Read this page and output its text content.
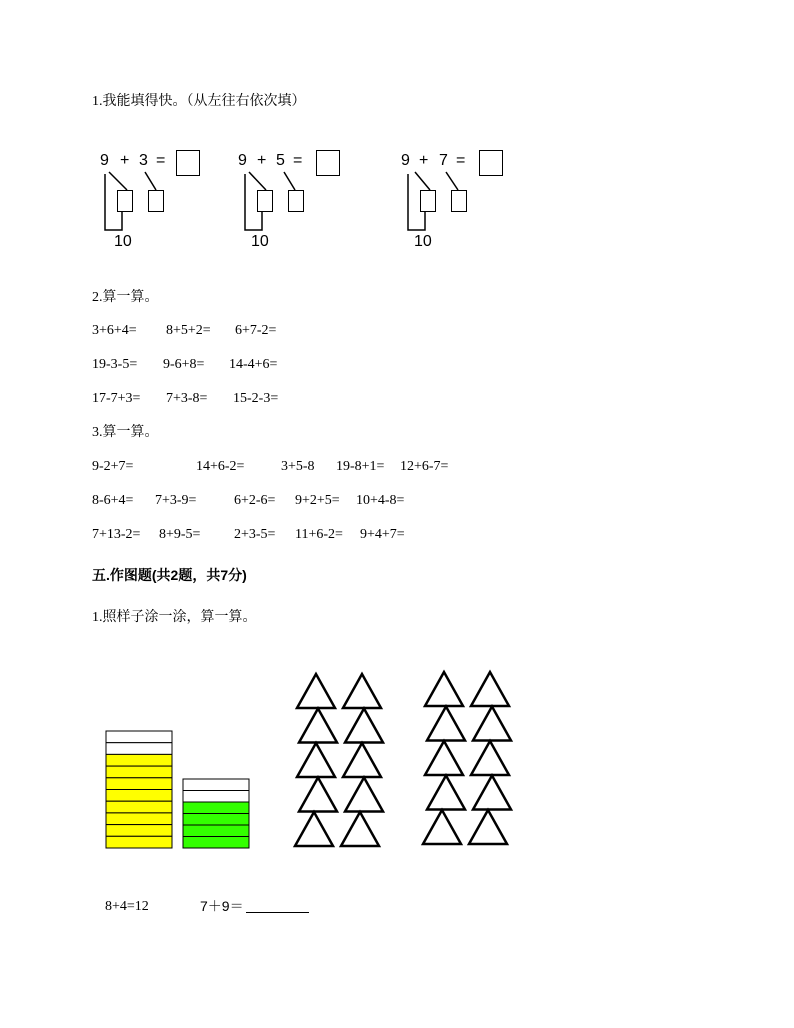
1.我能填得快。（从左往右依次填）
9 + 3 =
10
9 + 5 =
10
9 + 7 =
10
2.算一算。
3+6+4= 8+5+2= 6+7-2=
19-3-5= 9-6+8= 14-4+6=
17-7+3= 7+3-8= 15-2-3=
3.算一算。
9-2+7=	14+6-2=	3+5-8 19-8+1= 12+6-7=
8-6+4= 7+3-9=	6+2-6= 9+2+5= 10+4-8=
7+13-2= 8+9-5= 2+3-5= 11+6-2= 9+4+7=
五.作图题(共2题，共7分)
1.照样子涂一涂，算一算。
8+4=12	7＋9＝
